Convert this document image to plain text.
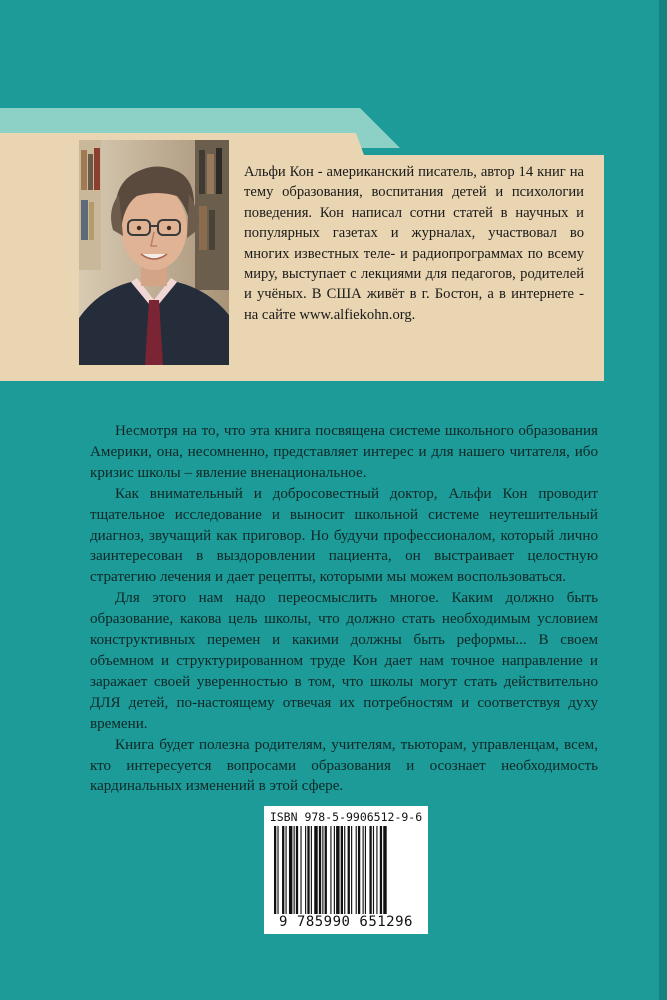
Альфи Кон - американский писатель, автор 14 книг на тему образования, воспитания детей и психологии поведения. Кон написал сотни статей в научных и популярных газетах и журналах, участвовал во многих известных теле- и радиопрограммах по всему миру, выступает с лекциями для педагогов, родителей и учёных. В США живёт в г. Бостон, а в интернете - на сайте www.alfiekohn.org.

Несмотря на то, что эта книга посвящена системе школьного образования Америки, она, несомненно, представляет интерес и для нашего читателя, ибо кризис школы – явление вненациональное.

Как внимательный и добросовестный доктор, Альфи Кон проводит тщательное исследование и выносит школьной системе неутешительный диагноз, звучащий как приговор. Но будучи профессионалом, который лично заинтересован в выздоровлении пациента, он выстраивает целостную стратегию лечения и дает рецепты, которыми мы можем воспользоваться.

Для этого нам надо переосмыслить многое. Каким должно быть образование, какова цель школы, что должно стать необходимым условием конструктивных перемен и какими должны быть реформы... В своем объемном и структурированном труде Кон дает нам точное направление и заражает своей уверенностью в том, что школы могут стать действительно ДЛЯ детей, по-настоящему отвечая их потребностям и соответствуя духу времени.

Книга будет полезна родителям, учителям, тьюторам, управленцам, всем, кто интересуется вопросами образования и осознает необходимость кардинальных изменений в этой сфере.

ISBN 978-5-9906512-9-6
9 785990 651296
